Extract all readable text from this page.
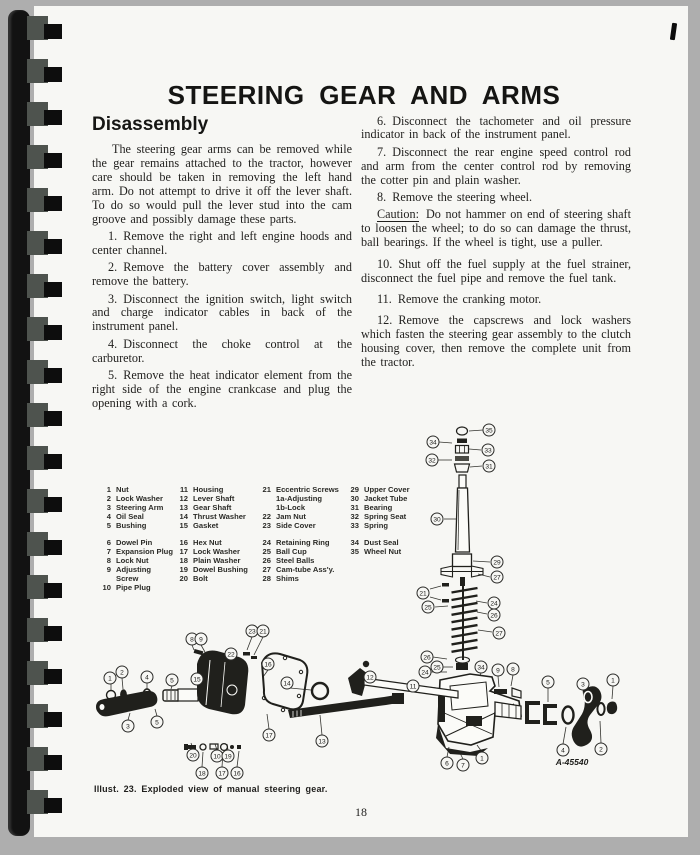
STEERING GEAR AND ARMS
Disassembly

The steering gear arms can be removed while the gear remains attached to the tractor, however care should be taken in removing the left hand arm. Do not attempt to drive it off the lever shaft. To do so would pull the lever stud into the cam groove and possibly damage these parts.

1. Remove the right and left engine hoods and center channel.

2. Remove the battery cover assembly and remove the battery.

3. Disconnect the ignition switch, light switch and charge indicator cables in back of the instrument panel.

4. Disconnect the choke control at the carburetor.

5. Remove the heat indicator element from the right side of the engine crankcase and plug the opening with a cork.

6. Disconnect the tachometer and oil pressure indicator in back of the instrument panel.

7. Disconnect the rear engine speed control rod and arm from the center control rod by removing the cotter pin and plain washer.

8. Remove the steering wheel.

Caution: Do not hammer on end of steering shaft to loosen the wheel; to do so can damage the thrust, ball bearings. If the wheel is tight, use a puller.

10. Shut off the fuel supply at the fuel strainer, disconnect the fuel pipe and remove the fuel tank.

11. Remove the cranking motor.

12. Remove the capscrews and lock washers which fasten the steering gear assembly to the clutch housing cover, then remove the complete unit from the tractor.

1 Nut
2 Lock Washer
3 Steering Arm
4 Oil Seal
5 Bushing
6 Dowel Pin
7 Expansion Plug
8 Lock Nut
9 Adjusting Screw
10 Pipe Plug
11 Housing
12 Lever Shaft
13 Gear Shaft
14 Thrust Washer
15 Gasket
16 Hex Nut
17 Lock Washer
18 Plain Washer
19 Dowel Bushing
20 Bolt
21 Eccentric Screws
1a-Adjusting
1b-Lock
22 Jam Nut
23 Side Cover
24 Retaining Ring
25 Ball Cup
26 Steel Balls
27 Cam-tube Ass'y.
28 Shims
29 Upper Cover
30 Jacket Tube
31 Bearing
32 Spring Seat
33 Spring
34 Dust Seal
35 Wheel Nut
35
34
33
32
31
30
29
27
21
24
25
26
27
26
25
24
34 9 8
11
6 7
1
5
4
3
2
1
1
2
4	5
3
5
8 9
23 21
22
16
15
14
17
13
12
20	10 19
18 17 16
A-45540
Illust. 23. Exploded view of manual steering gear.
18
